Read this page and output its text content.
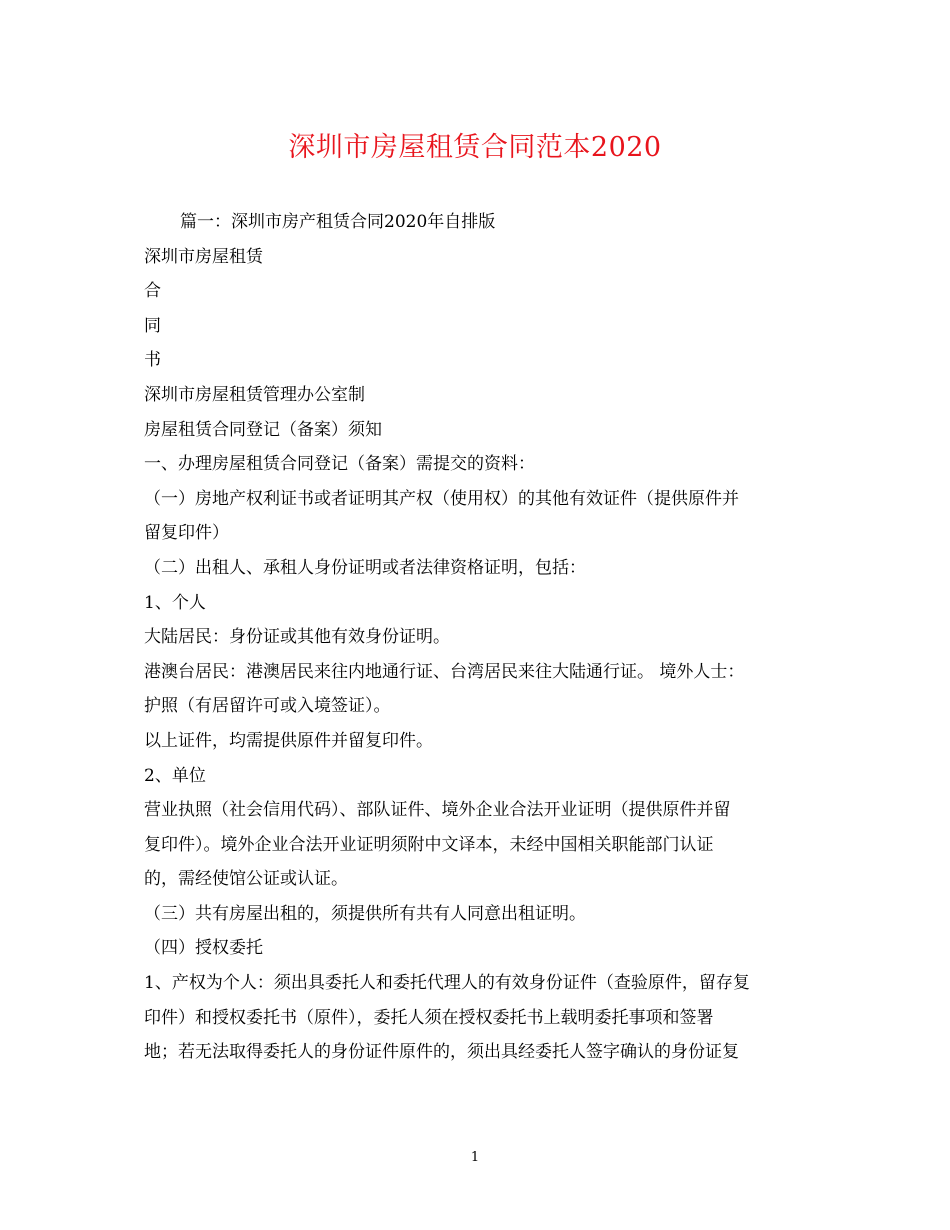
深圳市房屋租赁合同范本2020
篇一：深圳市房产租赁合同2020年自排版
深圳市房屋租赁
合
同
书
深圳市房屋租赁管理办公室制
房屋租赁合同登记（备案）须知
一、办理房屋租赁合同登记（备案）需提交的资料：
（一）房地产权利证书或者证明其产权（使用权）的其他有效证件（提供原件并
留复印件）
（二）出租人、承租人身份证明或者法律资格证明，包括：
1、个人
大陆居民：身份证或其他有效身份证明。
港澳台居民：港澳居民来往内地通行证、台湾居民来往大陆通行证。 境外人士：
护照（有居留许可或入境签证）。
以上证件，均需提供原件并留复印件。
2、单位
营业执照（社会信用代码）、部队证件、境外企业合法开业证明（提供原件并留
复印件）。境外企业合法开业证明须附中文译本，未经中国相关职能部门认证
的，需经使馆公证或认证。
（三）共有房屋出租的，须提供所有共有人同意出租证明。
（四）授权委托
1、产权为个人：须出具委托人和委托代理人的有效身份证件（查验原件，留存复
印件）和授权委托书（原件），委托人须在授权委托书上载明委托事项和签署
地；若无法取得委托人的身份证件原件的，须出具经委托人签字确认的身份证复
1
